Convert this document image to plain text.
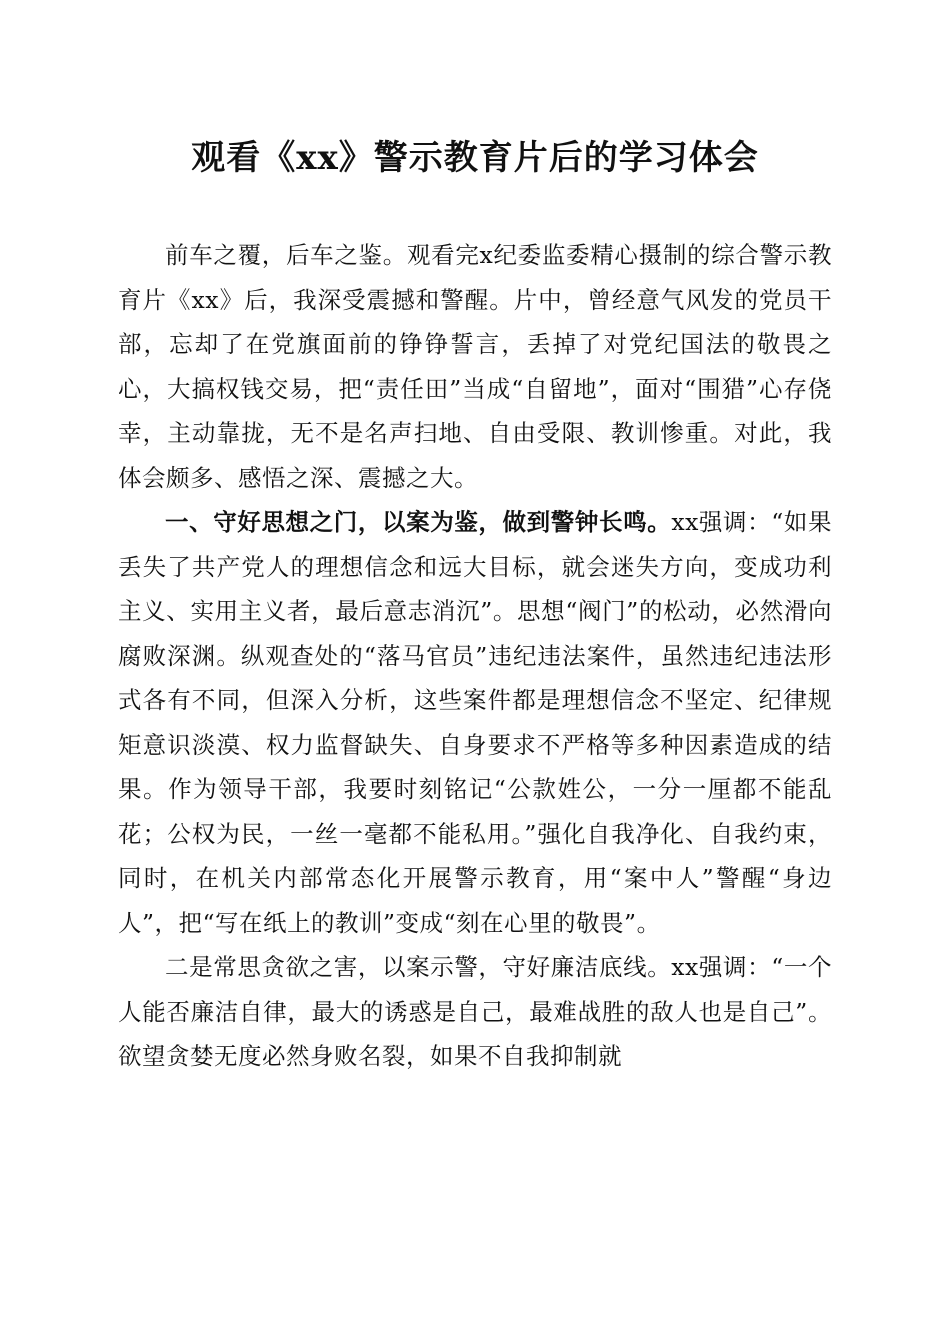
观看《xx》警示教育片后的学习体会

前车之覆，后车之鉴。观看完x纪委监委精心摄制的综合警示教育片《xx》后，我深受震撼和警醒。片中，曾经意气风发的党员干部，忘却了在党旗面前的铮铮誓言，丢掉了对党纪国法的敬畏之心，大搞权钱交易，把“责任田”当成“自留地”，面对“围猎”心存侥幸，主动靠拢，无不是名声扫地、自由受限、教训惨重。对此，我体会颇多、感悟之深、震撼之大。

一、守好思想之门，以案为鉴，做到警钟长鸣。xx强调：“如果丢失了共产党人的理想信念和远大目标，就会迷失方向，变成功利主义、实用主义者，最后意志消沉”。思想“阀门”的松动，必然滑向腐败深渊。纵观查处的“落马官员”违纪违法案件，虽然违纪违法形式各有不同，但深入分析，这些案件都是理想信念不坚定、纪律规矩意识淡漠、权力监督缺失、自身要求不严格等多种因素造成的结果。作为领导干部，我要时刻铭记“公款姓公，一分一厘都不能乱花；公权为民，一丝一毫都不能私用。”强化自我净化、自我约束，同时，在机关内部常态化开展警示教育，用“案中人”警醒“身边人”，把“写在纸上的教训”变成“刻在心里的敬畏”。

二是常思贪欲之害，以案示警，守好廉洁底线。xx强调：“一个人能否廉洁自律，最大的诱惑是自己，最难战胜的敌人也是自己”。欲望贪婪无度必然身败名裂，如果不自我抑制就
